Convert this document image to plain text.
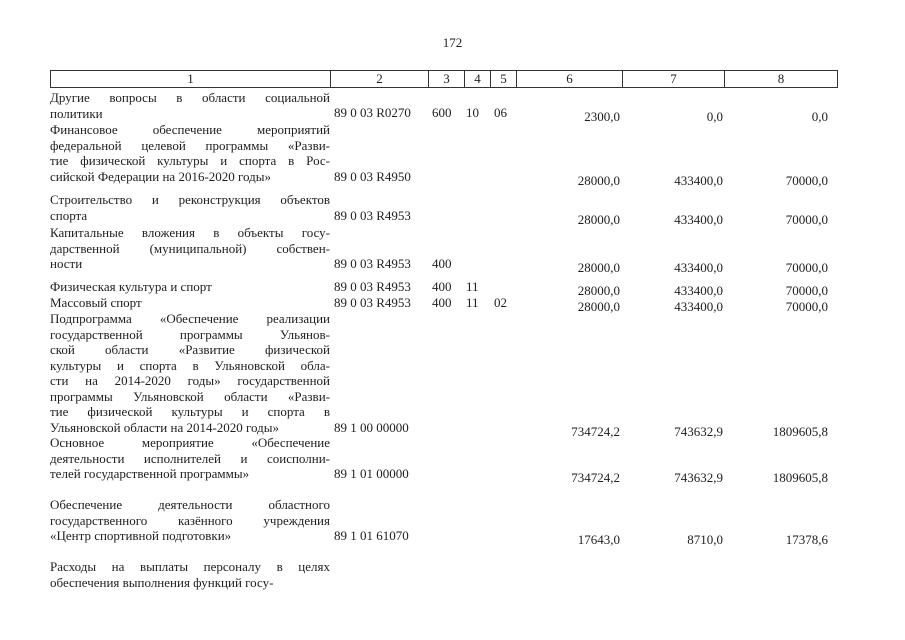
172
1	2	3	4	5	6	7	8
Другие вопросы в области социальной
политики	89 0 03 R0270	600	10	06	2300,0	0,0	0,0
Финансовое обеспечение мероприятий
федеральной целевой программы «Разви-
тие физической культуры и спорта в Рос-
сийской Федерации на 2016-2020 годы»	89 0 03 R4950	28000,0	433400,0	70000,0
Строительство и реконструкция объектов
спорта	89 0 03 R4953	28000,0	433400,0	70000,0
Капитальные вложения в объекты госу-
дарственной (муниципальной) собствен-
ности	89 0 03 R4953	400	28000,0	433400,0	70000,0
Физическая культура и спорт	89 0 03 R4953	400	11	28000,0	433400,0	70000,0
Массовый спорт	89 0 03 R4953	400	11	02	28000,0	433400,0	70000,0
Подпрограмма «Обеспечение реализации
государственной программы Ульянов-
ской области «Развитие физической
культуры и спорта в Ульяновской обла-
сти на 2014-2020 годы» государственной
программы Ульяновской области «Разви-
тие физической культуры и спорта в
Ульяновской области на 2014-2020 годы»	89 1 00 00000	734724,2	743632,9	1809605,8
Основное мероприятие «Обеспечение
деятельности исполнителей и соисполни-
телей государственной программы»	89 1 01 00000	734724,2	743632,9	1809605,8
Обеспечение деятельности областного
государственного казённого учреждения
«Центр спортивной подготовки»	89 1 01 61070	17643,0	8710,0	17378,6
Расходы на выплаты персоналу в целях
обеспечения выполнения функций госу-
